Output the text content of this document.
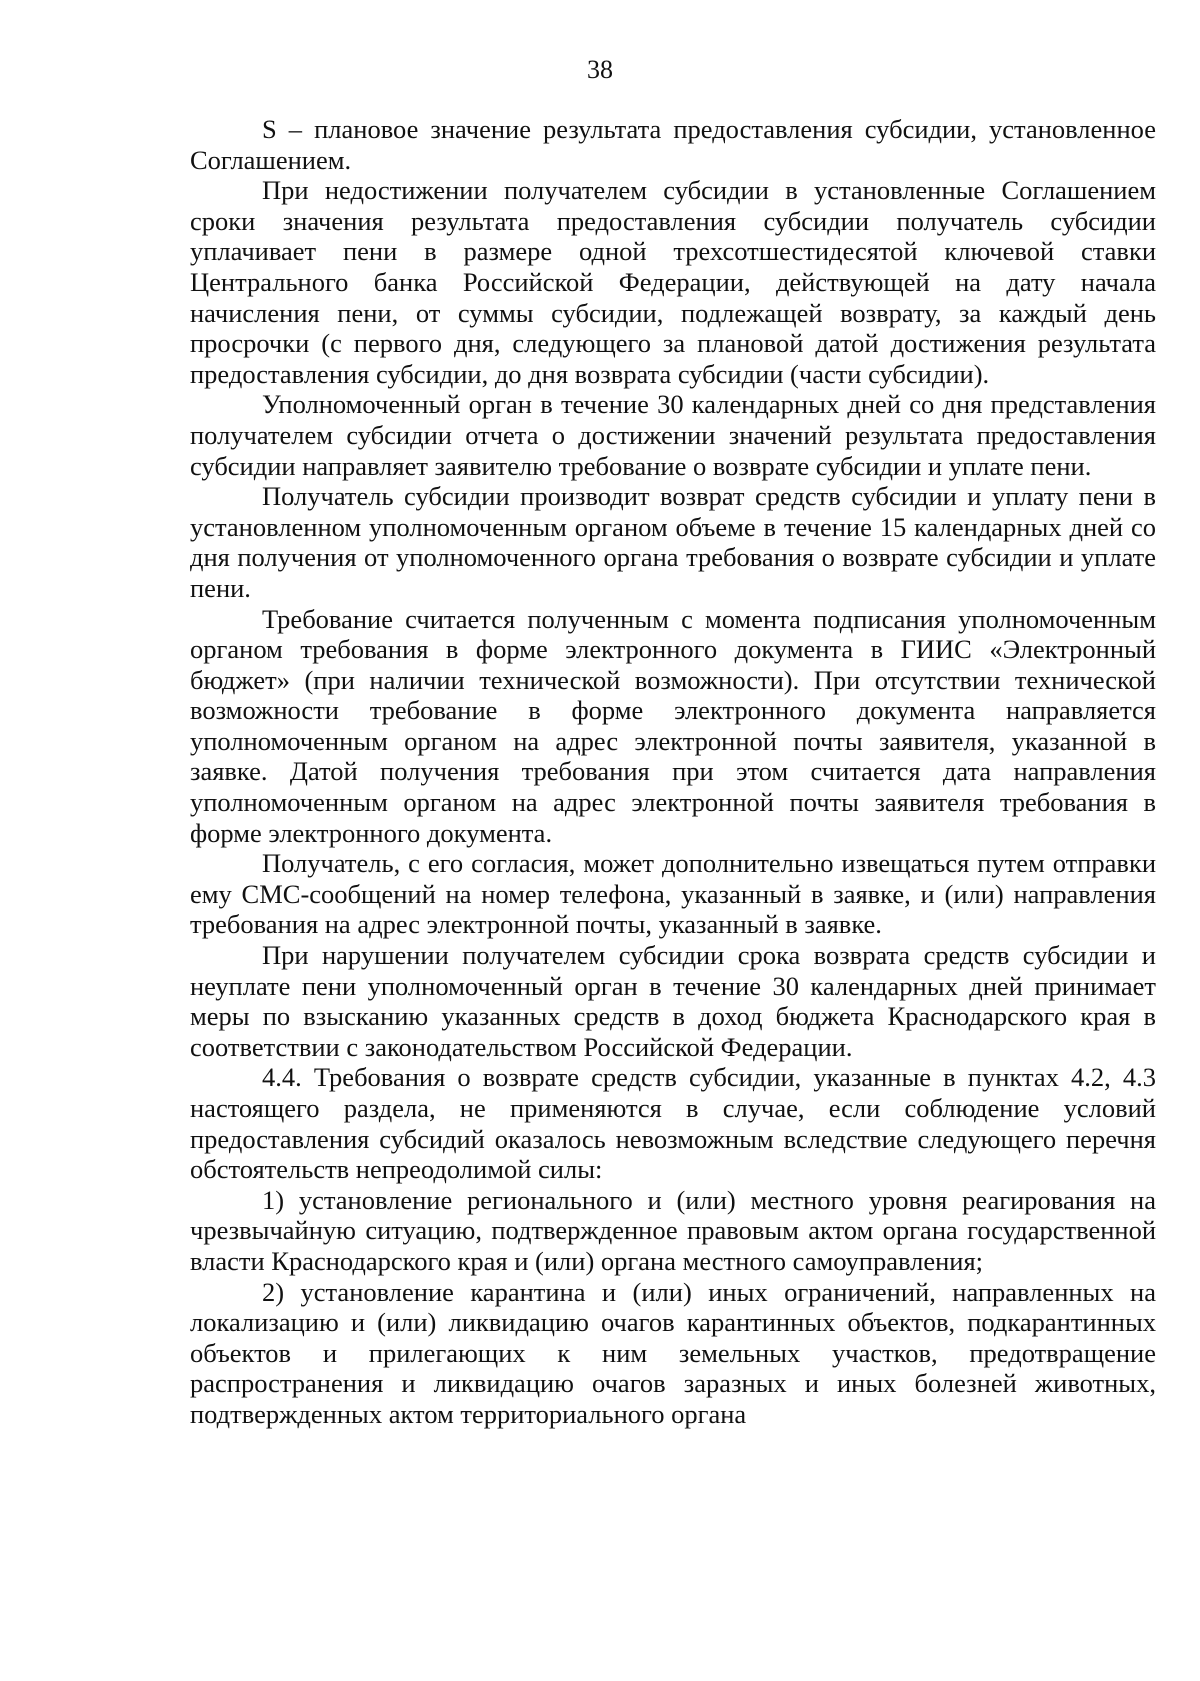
38

S – плановое значение результата предоставления субсидии, установленное Соглашением.

При недостижении получателем субсидии в установленные Соглашением сроки значения результата предоставления субсидии получатель субсидии уплачивает пени в размере одной трехсотшестидесятой ключевой ставки Центрального банка Российской Федерации, действующей на дату начала начисления пени, от суммы субсидии, подлежащей возврату, за каждый день просрочки (с первого дня, следующего за плановой датой достижения результата предоставления субсидии, до дня возврата субсидии (части субсидии).

Уполномоченный орган в течение 30 календарных дней со дня представления получателем субсидии отчета о достижении значений результата предоставления субсидии направляет заявителю требование о возврате субсидии и уплате пени.

Получатель субсидии производит возврат средств субсидии и уплату пени в установленном уполномоченным органом объеме в течение 15 календарных дней со дня получения от уполномоченного органа требования о возврате субсидии и уплате пени.

Требование считается полученным с момента подписания уполномоченным органом требования в форме электронного документа в ГИИС «Электронный бюджет» (при наличии технической возможности). При отсутствии технической возможности требование в форме электронного документа направляется уполномоченным органом на адрес электронной почты заявителя, указанной в заявке. Датой получения требования при этом считается дата направления уполномоченным органом на адрес электронной почты заявителя требования в форме электронного документа.

Получатель, с его согласия, может дополнительно извещаться путем отправки ему СМС-сообщений на номер телефона, указанный в заявке, и (или) направления требования на адрес электронной почты, указанный в заявке.

При нарушении получателем субсидии срока возврата средств субсидии и неуплате пени уполномоченный орган в течение 30 календарных дней принимает меры по взысканию указанных средств в доход бюджета Краснодарского края в соответствии с законодательством Российской Федерации.

4.4. Требования о возврате средств субсидии, указанные в пунктах 4.2, 4.3 настоящего раздела, не применяются в случае, если соблюдение условий предоставления субсидий оказалось невозможным вследствие следующего перечня обстоятельств непреодолимой силы:

1) установление регионального и (или) местного уровня реагирования на чрезвычайную ситуацию, подтвержденное правовым актом органа государственной власти Краснодарского края и (или) органа местного самоуправления;

2) установление карантина и (или) иных ограничений, направленных на локализацию и (или) ликвидацию очагов карантинных объектов, подкарантинных объектов и прилегающих к ним земельных участков, предотвращение распространения и ликвидацию очагов заразных и иных болезней животных, подтвержденных актом территориального органа
